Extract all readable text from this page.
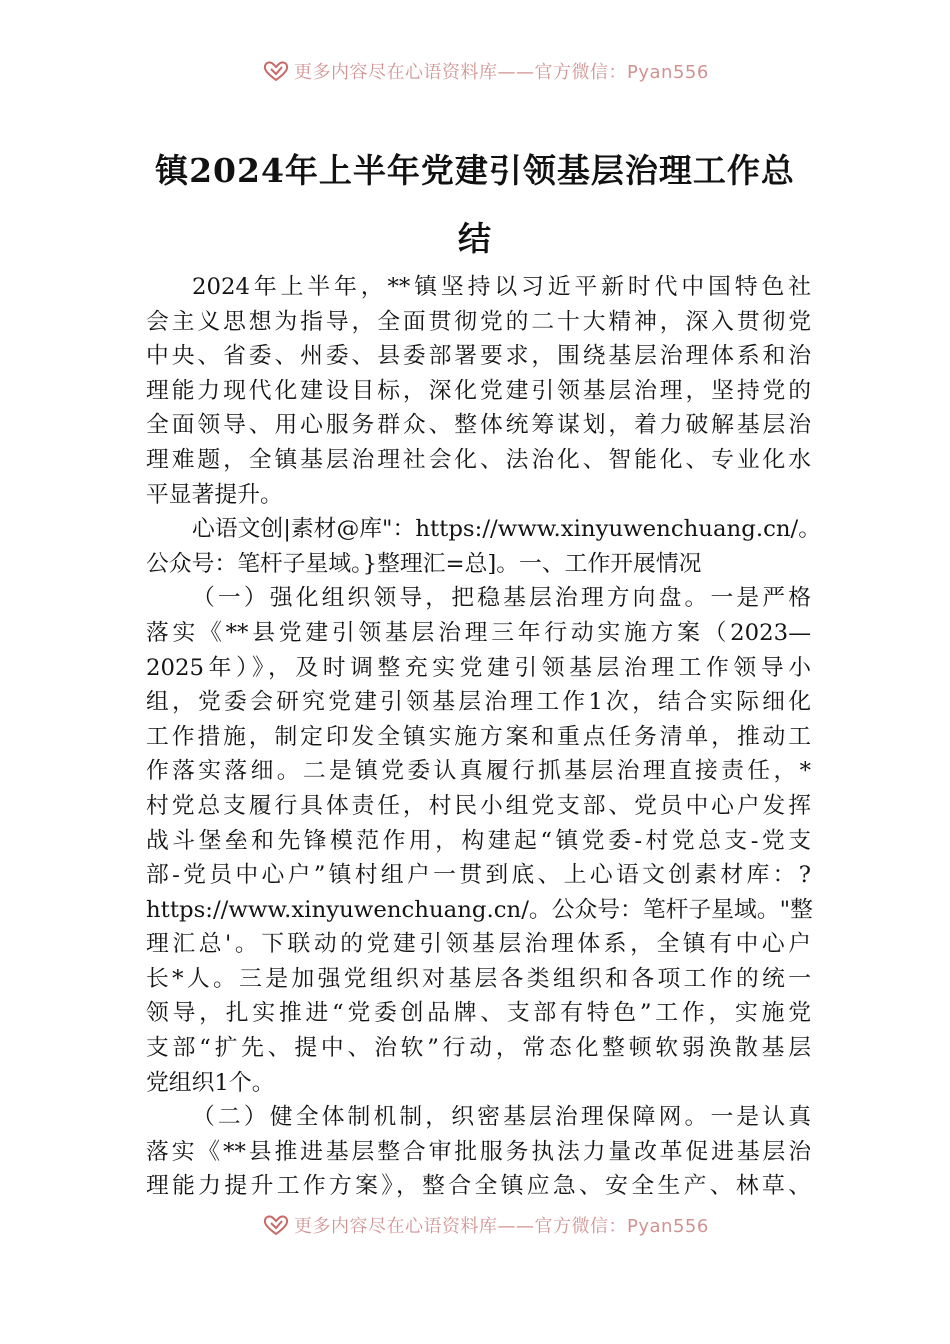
更多内容尽在心语资料库——官方微信：Pyan556
镇2024年上半年党建引领基层治理工作总
结
2024年上半年，**镇坚持以习近平新时代中国特色社
会主义思想为指导，全面贯彻党的二十大精神，深入贯彻党
中央、省委、州委、县委部署要求，围绕基层治理体系和治
理能力现代化建设目标，深化党建引领基层治理，坚持党的
全面领导、用心服务群众、整体统筹谋划，着力破解基层治
理难题，全镇基层治理社会化、法治化、智能化、专业化水
平显著提升。
心语文创|素材@库"：https://www.xinyuwenchuang.cn/。
公众号：笔杆子星域。}整理汇=总]。一、工作开展情况
（一）强化组织领导，把稳基层治理方向盘。一是严格
落实《**县党建引领基层治理三年行动实施方案（2023—
2025年）》，及时调整充实党建引领基层治理工作领导小
组，党委会研究党建引领基层治理工作1次，结合实际细化
工作措施，制定印发全镇实施方案和重点任务清单，推动工
作落实落细。二是镇党委认真履行抓基层治理直接责任，*
村党总支履行具体责任，村民小组党支部、党员中心户发挥
战斗堡垒和先锋模范作用，构建起“镇党委-村党总支-党支
部-党员中心户”镇村组户一贯到底、上心语文创素材库：?
https://www.xinyuwenchuang.cn/。公众号：笔杆子星域。"整
理汇总'。下联动的党建引领基层治理体系，全镇有中心户
长*人。三是加强党组织对基层各类组织和各项工作的统一
领导，扎实推进“党委创品牌、支部有特色”工作，实施党
支部“扩先、提中、治软”行动，常态化整顿软弱涣散基层
党组织1个。
（二）健全体制机制，织密基层治理保障网。一是认真
落实《**县推进基层整合审批服务执法力量改革促进基层治
理能力提升工作方案》，整合全镇应急、安全生产、林草、
更多内容尽在心语资料库——官方微信：Pyan556
